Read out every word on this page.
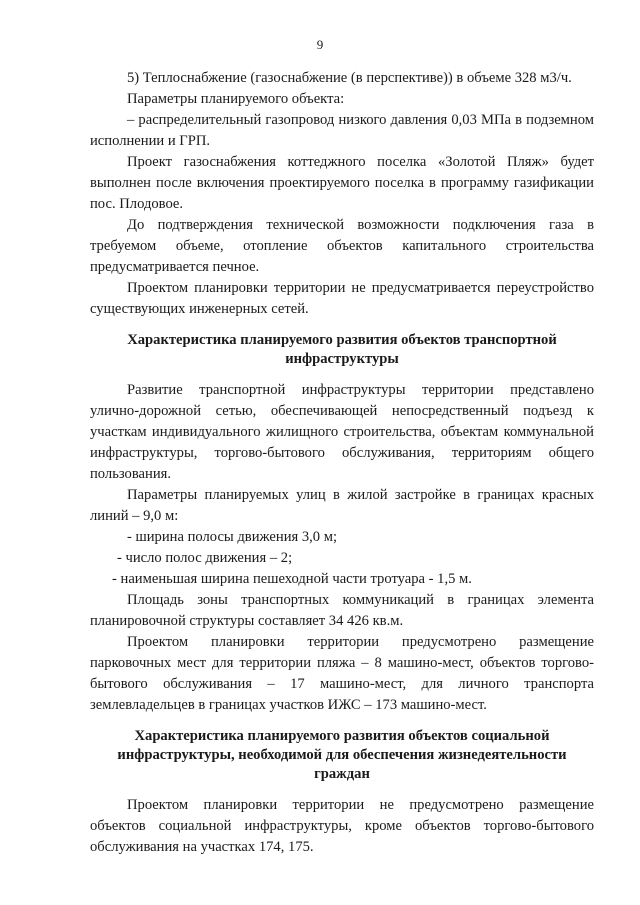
9

5) Теплоснабжение (газоснабжение (в перспективе)) в объеме 328 м3/ч.

Параметры планируемого объекта:

– распределительный газопровод низкого давления 0,03 МПа в подземном исполнении и ГРП.

Проект газоснабжения коттеджного поселка «Золотой Пляж» будет выполнен после включения проектируемого поселка в программу газификации пос. Плодовое.

До подтверждения технической возможности подключения газа в требуемом объеме, отопление объектов капитального строительства предусматривается печное.

Проектом планировки территории не предусматривается переустройство существующих инженерных сетей.

Характеристика планируемого развития объектов транспортной инфраструктуры

Развитие транспортной инфраструктуры территории представлено улично-дорожной сетью, обеспечивающей непосредственный подъезд к участкам индивидуального жилищного строительства, объектам коммунальной инфраструктуры, торгово-бытового обслуживания, территориям общего пользования.

Параметры планируемых улиц в жилой застройке в границах красных линий – 9,0 м:

- ширина полосы движения 3,0 м;

- число полос движения – 2;

- наименьшая ширина пешеходной части тротуара - 1,5 м.

Площадь зоны транспортных коммуникаций в границах элемента планировочной структуры составляет 34 426 кв.м.

Проектом планировки территории предусмотрено размещение парковочных мест для территории пляжа – 8 машино-мест, объектов торгово-бытового обслуживания – 17 машино-мест, для личного транспорта землевладельцев в границах участков ИЖС – 173 машино-мест.

Характеристика планируемого развития объектов социальной инфраструктуры, необходимой для обеспечения жизнедеятельности граждан

Проектом планировки территории не предусмотрено размещение объектов социальной инфраструктуры, кроме объектов торгово-бытового обслуживания на участках 174, 175.
